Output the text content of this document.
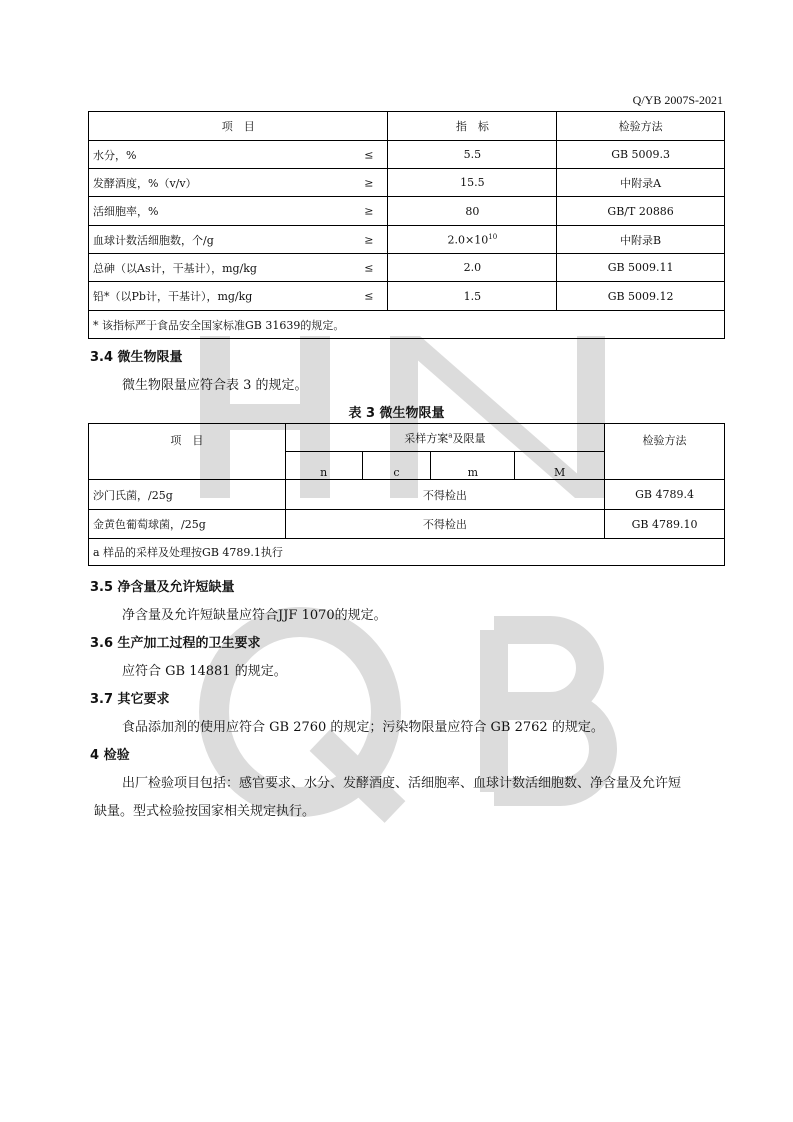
Q/YB 2007S-2021
项　目	指　标	检验方法
水分，% ≤	5.5	GB 5009.3
发酵酒度，%（v/v） ≥	15.5	中附录A
活细胞率，% ≥	80	GB/T 20886
血球计数活细胞数，个/g ≥	$2.0\times 10^{10}$	中附录B
总砷（以As计，干基计），mg/kg ≤	2.0	GB 5009.11
铅*（以Pb计，干基计），mg/kg ≤	1.5	GB 5009.12
* 该指标严于食品安全国家标准GB 31639的规定。		
3.4 微生物限量
微生物限量应符合表 3 的规定。
表 3 微生物限量
项　目	采样方案$^a$及限量				检验方法
	n	c	m	M	
沙门氏菌，/25g	不得检出				GB 4789.4
金黄色葡萄球菌，/25g	不得检出				GB 4789.10
a 样品的采样及处理按GB 4789.1执行					
3.5 净含量及允许短缺量
净含量及允许短缺量应符合JJF 1070的规定。
3.6 生产加工过程的卫生要求
应符合 GB 14881 的规定。
3.7 其它要求
食品添加剂的使用应符合 GB 2760 的规定；污染物限量应符合 GB 2762 的规定。
4 检验
出厂检验项目包括：感官要求、水分、发酵酒度、活细胞率、血球计数活细胞数、净含量及允许短
缺量。型式检验按国家相关规定执行。
